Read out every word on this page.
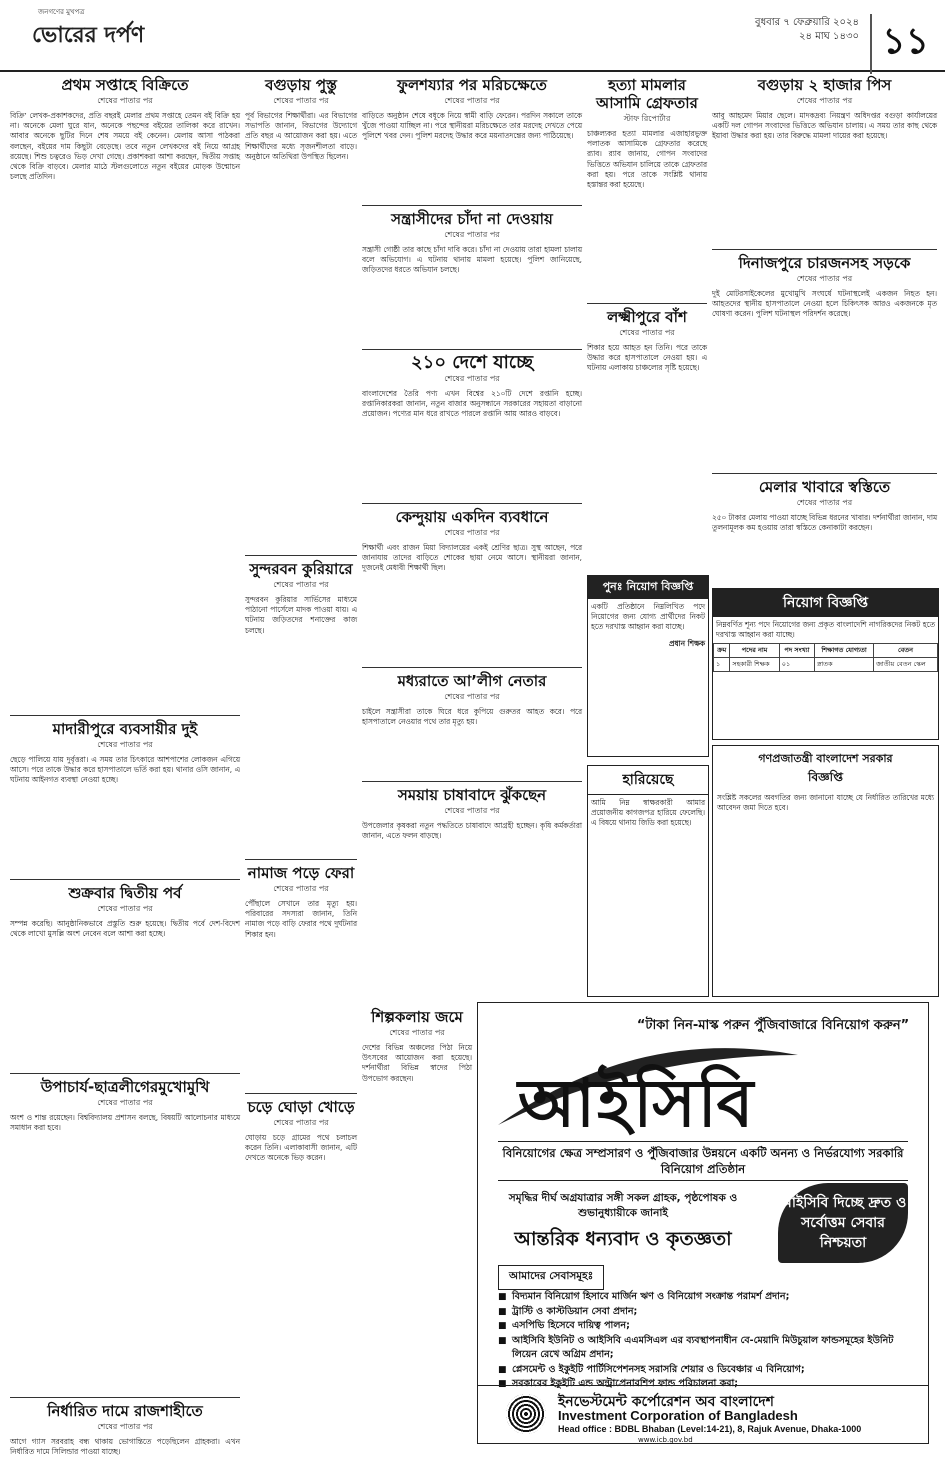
জনগণের মুখপত্র
ভোরের দর্পণ
বুধবার ৭ ফেব্রুয়ারি ২০২৪
২৪ মাঘ ১৪৩০ ১১
প্রথম সপ্তাহে বিক্রিতে
শেষের পাতার পর
বিক্রি’ লেখক-প্রকাশকদের, প্রতি বছরই মেলার প্রথম সপ্তাহে তেমন বই বিক্রি হয় না। অনেকে মেলা ঘুরে যান, অনেকে পছন্দের বইয়ের তালিকা করে রাখেন। আবার অনেকে ছুটির দিনে শেষ সময়ে বই কেনেন। মেলায় আসা পাঠকরা বলছেন, বইয়ের দাম কিছুটা বেড়েছে। তবে নতুন লেখকদের বই নিয়ে আগ্রহ রয়েছে। শিশু চত্বরেও ভিড় দেখা গেছে। প্রকাশকরা আশা করছেন, দ্বিতীয় সপ্তাহ থেকে বিক্রি বাড়বে। মেলার মাঠে স্টলগুলোতে নতুন বইয়ের মোড়ক উন্মোচন চলছে প্রতিদিন।
মাদারীপুরে ব্যবসায়ীর দুই
শেষের পাতার পর
ছেড়ে পালিয়ে যায় দুর্বৃত্তরা। এ সময় তার চিৎকারে আশপাশের লোকজন এগিয়ে আসে। পরে তাকে উদ্ধার করে হাসপাতালে ভর্তি করা হয়। থানার ওসি জানান, এ ঘটনায় আইনগত ব্যবস্থা নেওয়া হচ্ছে।
শুক্রবার দ্বিতীয় পর্ব
শেষের পাতার পর
সম্পন্ন করেছি। আনুষ্ঠানিকভাবে প্রস্তুতি শুরু হয়েছে। দ্বিতীয় পর্বে দেশ-বিদেশ থেকে লাখো মুসল্লি অংশ নেবেন বলে আশা করা হচ্ছে।
উপাচার্য-ছাত্রলীগেরমুখোমুখি
শেষের পাতার পর
অংশ ও শান্ত রয়েছেন। বিশ্ববিদ্যালয় প্রশাসন বলছে, বিষয়টি আলোচনার মাধ্যমে সমাধান করা হবে।
নির্ধারিত দামে রাজশাহীতে
শেষের পাতার পর
আগে গ্যাস সরবরাহ বন্ধ থাকায় ভোগান্তিতে পড়েছিলেন গ্রাহকরা। এখন নির্ধারিত দামে সিলিন্ডার পাওয়া যাচ্ছে।
বগুড়ায় পুস্তু
শেষের পাতার পর
পূর্ব বিভাগের শিক্ষার্থীরা। এর বিভাগের সভাপতি জানান, বিভাগের উদ্যোগে প্রতি বছর এ আয়োজন করা হয়। এতে শিক্ষার্থীদের মধ্যে সৃজনশীলতা বাড়ে। অনুষ্ঠানে অতিথিরা উপস্থিত ছিলেন।
সুন্দরবন কুরিয়ারে
শেষের পাতার পর
সুন্দরবন কুরিয়ার সার্ভিসের মাধ্যমে পাঠানো পার্সেলে মাদক পাওয়া যায়। এ ঘটনায় জড়িতদের শনাক্তের কাজ চলছে।
নামাজ পড়ে ফেরা
শেষের পাতার পর
পৌঁছালে সেখানে তার মৃত্যু হয়। পরিবারের সদস্যরা জানান, তিনি নামাজ পড়ে বাড়ি ফেরার পথে দুর্ঘটনার শিকার হন।
চড়ে ঘোড়া খোড়ে
শেষের পাতার পর
ঘোড়ায় চড়ে গ্রামের পথে চলাচল করেন তিনি। এলাকাবাসী জানান, এটি দেখতে অনেকে ভিড় করেন।
ফুলশয্যার পর মরিচক্ষেতে
শেষের পাতার পর
বাড়িতে অনুষ্ঠান শেষে বধূকে নিয়ে স্বামী বাড়ি ফেরেন। পরদিন সকালে তাকে খুঁজে পাওয়া যাচ্ছিল না। পরে স্থানীয়রা মরিচক্ষেতে তার মরদেহ দেখতে পেয়ে পুলিশে খবর দেন। পুলিশ মরদেহ উদ্ধার করে ময়নাতদন্তের জন্য পাঠিয়েছে।
সন্ত্রাসীদের চাঁদা না দেওয়ায়
শেষের পাতার পর
সন্ত্রাসী গোষ্ঠী তার কাছে চাঁদা দাবি করে। চাঁদা না দেওয়ায় তারা হামলা চালায় বলে অভিযোগ। এ ঘটনায় থানায় মামলা হয়েছে। পুলিশ জানিয়েছে, জড়িতদের ধরতে অভিযান চলছে।
২১০ দেশে যাচ্ছে
শেষের পাতার পর
বাংলাদেশের তৈরি পণ্য এখন বিশ্বের ২১০টি দেশে রপ্তানি হচ্ছে। রপ্তানিকারকরা জানান, নতুন বাজার অনুসন্ধানে সরকারের সহায়তা বাড়ানো প্রয়োজন। পণ্যের মান ধরে রাখতে পারলে রপ্তানি আয় আরও বাড়বে।
কেন্দুয়ায় একদিন ব্যবধানে
শেষের পাতার পর
শিক্ষার্থী এবং রাজন মিয়া বিদ্যালয়ের একই শ্রেণির ছাত্র। সুস্থ আছেন, পরে জানাযায় তাদের বাড়িতে শোকের ছায়া নেমে আসে। স্থানীয়রা জানান, দুজনেই মেধাবী শিক্ষার্থী ছিল।
মধ্যরাতে আ’লীগ নেতার
শেষের পাতার পর
চাইলে সন্ত্রাসীরা তাকে ঘিরে ধরে কুপিয়ে গুরুতর আহত করে। পরে হাসপাতালে নেওয়ার পথে তার মৃত্যু হয়।
সময়ায় চাষাবাদে ঝুঁকছেন
শেষের পাতার পর
উপজেলার কৃষকরা নতুন পদ্ধতিতে চাষাবাদে আগ্রহী হচ্ছেন। কৃষি কর্মকর্তারা জানান, এতে ফলন বাড়ছে।
হত্যা মামলার আসামি গ্রেফতার
স্টাফ রিপোর্টার
চাঞ্চল্যকর হত্যা মামলার এজাহারভুক্ত পলাতক আসামিকে গ্রেফতার করেছে র‍্যাব। র‍্যাব জানায়, গোপন সংবাদের ভিত্তিতে অভিযান চালিয়ে তাকে গ্রেফতার করা হয়। পরে তাকে সংশ্লিষ্ট থানায় হস্তান্তর করা হয়েছে।
লক্ষ্মীপুরে বাঁশ
শেষের পাতার পর
শিকার হয়ে আহত হন তিনি। পরে তাকে উদ্ধার করে হাসপাতালে নেওয়া হয়। এ ঘটনায় এলাকায় চাঞ্চল্যের সৃষ্টি হয়েছে।
বগুড়ায় ২ হাজার পিস
শেষের পাতার পর
আবু আহমেদ মিয়ার ছেলে। মাদকদ্রব্য নিয়ন্ত্রণ অধিদপ্তর বগুড়া কার্যালয়ের একটি দল গোপন সংবাদের ভিত্তিতে অভিযান চালায়। এ সময় তার কাছ থেকে ইয়াবা উদ্ধার করা হয়। তার বিরুদ্ধে মামলা দায়ের করা হয়েছে।
দিনাজপুরে চারজনসহ সড়কে
শেষের পাতার পর
দুই মোটরসাইকেলের মুখোমুখি সংঘর্ষে ঘটনাস্থলেই একজন নিহত হন। আহতদের স্থানীয় হাসপাতালে নেওয়া হলে চিকিৎসক আরও একজনকে মৃত ঘোষণা করেন। পুলিশ ঘটনাস্থল পরিদর্শন করেছে।
মেলার খাবারে স্বস্তিতে
শেষের পাতার পর
২৫০ টাকার মেলায় পাওয়া যাচ্ছে বিভিন্ন ধরনের খাবার। দর্শনার্থীরা জানান, দাম তুলনামূলক কম হওয়ায় তারা স্বস্তিতে কেনাকাটা করছেন।
পুনঃ নিয়োগ বিজ্ঞপ্তি
একটি প্রতিষ্ঠানে নিম্নলিখিত পদে নিয়োগের জন্য যোগ্য প্রার্থীদের নিকট হতে দরখাস্ত আহ্বান করা যাচ্ছে।
প্রধান শিক্ষক
হারিয়েছে
আমি নিম্ন স্বাক্ষরকারী আমার প্রয়োজনীয় কাগজপত্র হারিয়ে ফেলেছি। এ বিষয়ে থানায় জিডি করা হয়েছে।
নিয়োগ বিজ্ঞপ্তি
নিম্নবর্ণিত শূন্য পদে নিয়োগের জন্য প্রকৃত বাংলাদেশি নাগরিকদের নিকট হতে দরখাস্ত আহ্বান করা যাচ্ছে।
ক্রম	পদের নাম	পদ সংখ্যা	শিক্ষাগত যোগ্যতা	বেতন
১	সহকারী শিক্ষক	০১	স্নাতক	জাতীয় বেতন স্কেল
গণপ্রজাতন্ত্রী বাংলাদেশ সরকার
বিজ্ঞপ্তি
সংশ্লিষ্ট সকলের অবগতির জন্য জানানো যাচ্ছে যে নির্ধারিত তারিখের মধ্যে আবেদন জমা দিতে হবে।
শিল্পকলায় জমে
শেষের পাতার পর
দেশের বিভিন্ন অঞ্চলের পিঠা নিয়ে উৎসবের আয়োজন করা হয়েছে। দর্শনার্থীরা বিভিন্ন স্বাদের পিঠা উপভোগ করছেন।
“টাকা নিন-মাস্ক পরুন পুঁজিবাজারে বিনিয়োগ করুন”
আইসিবি
বিনিয়োগের ক্ষেত্র সম্প্রসারণ ও পুঁজিবাজার উন্নয়নে একটি অনন্য ও নির্ভরযোগ্য সরকারি বিনিয়োগ প্রতিষ্ঠান
সমৃদ্ধির দীর্ঘ অগ্রযাত্রার সঙ্গী সকল গ্রাহক, পৃষ্ঠপোষক ও শুভানুধ্যায়ীকে জানাই
আন্তরিক ধন্যবাদ ও কৃতজ্ঞতা
আইসিবি দিচ্ছে দ্রুত ও সর্বোত্তম সেবার নিশ্চয়তা
আমাদের সেবাসমূহঃ
■ বিদ্যমান বিনিয়োগ হিসাবে মার্জিন ঋণ ও বিনিয়োগ সংক্রান্ত পরামর্শ প্রদান;
■ ট্রাস্টি ও কাস্টডিয়ান সেবা প্রদান;
■ এসপিভি হিসেবে দায়িত্ব পালন;
■ আইসিবি ইউনিট ও আইসিবি এএমসিএল এর ব্যবস্থাপনাধীন বে-মেয়াদি মিউচুয়াল ফান্ডসমূহের ইউনিট লিয়েন রেখে অগ্রিম প্রদান;
■ প্লেসমেন্ট ও ইকুইটি পার্টিসিপেশনসহ সরাসরি শেয়ার ও ডিবেঞ্চার এ বিনিয়োগ;
■ সরকারের ইকুইটি এন্ড অন্ট্রাপ্রেনারশিপ ফান্ড পরিচালনা করা;
ইনভেস্টমেন্ট কর্পোরেশন অব বাংলাদেশ
Investment Corporation of Bangladesh
Head office : BDBL Bhaban (Level:14-21), 8, Rajuk Avenue, Dhaka-1000
www.icb.gov.bd
